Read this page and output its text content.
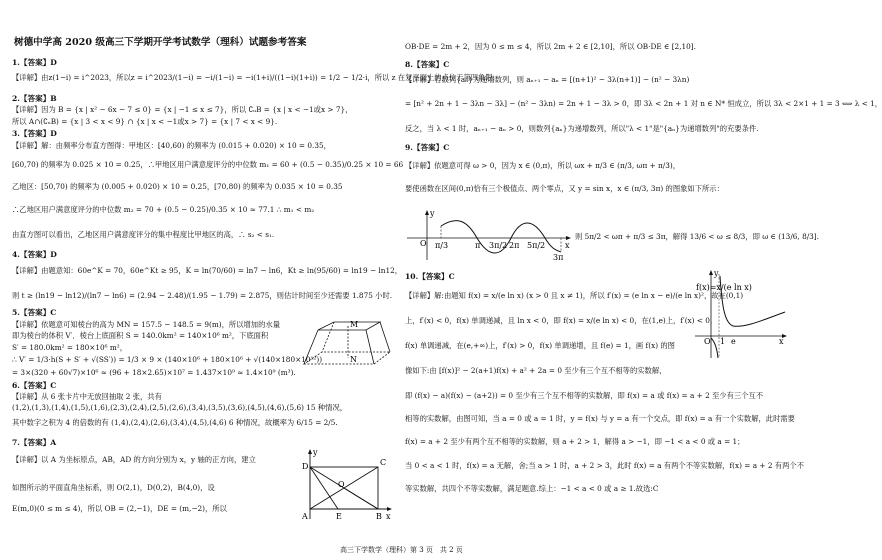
树德中学高 2020 级高三下学期开学考试数学（理科）试题参考答案
1.【答案】D
【详解】由z(1−i) = i^2023，所以z = i^2023/(1−i) = −i/(1−i) = −i(1+i)/((1−i)(1+i)) = 1/2 − 1/2·i，所以 z 在复平面上的点位于第四象限.
2.【答案】B
【详解】因为 B = {x | x² − 6x − 7 ≤ 0} = {x | −1 ≤ x ≤ 7}，所以 ∁ᵤB = {x | x < −1或x > 7}，
所以 A∩(∁ᵤB) = {x | 3 < x < 9} ∩ {x | x < −1或x > 7} = {x | 7 < x < 9}.
3.【答案】D
【详解】解：由频率分布直方图得：甲地区：[40,60) 的频率为 (0.015 + 0.020) × 10 = 0.35，
[60,70) 的频率为 0.025 × 10 = 0.25，∴甲地区用户满意度评分的中位数 m₁ = 60 + (0.5 − 0.35)/0.25 × 10 = 66
乙地区：[50,70) 的频率为 (0.005 + 0.020) × 10 = 0.25，[70,80) 的频率为 0.035 × 10 = 0.35
∴乙地区用户满意度评分的中位数 m₂ = 70 + (0.5 − 0.25)/0.35 × 10 ≈ 77.1 ∴ m₁ < m₂
由直方图可以看出，乙地区用户满意度评分的集中程度比甲地区的高，∴ s₂ < s₁.
4.【答案】D
【详解】由题意知：60e^K = 70，60e^Kt ≥ 95，K = ln(70/60) = ln7 − ln6，Kt ≥ ln(95/60) = ln19 − ln12，
则 t ≥ (ln19 − ln12)/(ln7 − ln6) = (2.94 − 2.48)/(1.95 − 1.79) = 2.875，则估计时间至少还需要 1.875 小时.
5.【答案】C
【详解】依题意可知棱台的高为 MN = 157.5 − 148.5 = 9(m)，所以增加的水量
即为棱台的体积 V′．棱台上底面积 S = 140.0km² = 140×10⁶ m²，下底面积
S′ = 180.0km² = 180×10⁶ m²，
∴ V′ = 1/3·h(S + S′ + √(SS′)) = 1/3 × 9 × (140×10⁶ + 180×10⁶ + √(140×180×10¹²))
= 3×(320 + 60√7)×10⁶ ≈ (96 + 18×2.65)×10⁷ = 1.437×10⁹ ≈ 1.4×10⁹ (m³).
6.【答案】C
【详解】从 6 张卡片中无放回抽取 2 张，共有
(1,2),(1,3),(1,4),(1,5),(1,6),(2,3),(2,4),(2,5),(2,6),(3,4),(3,5),(3,6),(4,5),(4,6),(5,6) 15 种情况，
其中数字之积为 4 的倍数的有 (1,4),(2,4),(2,6),(3,4),(4,5),(4,6) 6 种情况，故概率为 6/15 = 2/5.
7.【答案】A
【详解】以 A 为坐标原点，AB，AD 的方向分别为 x，y 轴的正方向，建立
如图所示的平面直角坐标系，则 O(2,1)，D(0,2)，B(4,0)，设
E(m,0)(0 ≤ m ≤ 4)，所以 OB = (2,−1)，DE = (m,−2)，所以
M
N
y
D	C
O
A	E	B x
OB·DE = 2m + 2，因为 0 ≤ m ≤ 4，所以 2m + 2 ∈ [2,10]，所以 OB·DE ∈ [2,10].
8.【答案】C
【详解】若数列{aₙ}为递增数列，则 aₙ₊₁ − aₙ = [(n+1)² − 3λ(n+1)] − (n² − 3λn)
= [n² + 2n + 1 − 3λn − 3λ] − (n² − 3λn) = 2n + 1 − 3λ > 0，即 3λ < 2n + 1 对 n ∈ N* 恒成立，所以 3λ < 2×1 + 1 = 3 ⟺ λ < 1，
反之，当 λ < 1 时，aₙ₊₁ − aₙ > 0，则数列{aₙ}为递增数列，所以"λ < 1"是"{aₙ}为递增数列"的充要条件.
9.【答案】C
【详解】依题意可得 ω > 0，因为 x ∈ (0,π)，所以 ωx + π/3 ∈ (π/3, ωπ + π/3)，
要使函数在区间(0,π)恰有三个极值点、两个零点，又 y = sin x，x ∈ (π/3, 3π) 的图象如下所示：
则 5π/2 < ωπ + π/3 ≤ 3π，解得 13/6 < ω ≤ 8/3，即 ω ∈ (13/6, 8/3].
10.【答案】C
【详解】解:由题知 f(x) = x/(e ln x) (x > 0 且 x ≠ 1)，所以 f′(x) = (e ln x − e)/(e ln x)²，故在(0,1)
上，f′(x) < 0，f(x) 单调递减，且 ln x < 0，即 f(x) = x/(e ln x) < 0，在(1,e)上，f′(x) < 0，
f(x) 单调递减，在(e,+∞)上，f′(x) > 0，f(x) 单调递增，且 f(e) = 1，画 f(x) 的图
像如下:由 [f(x)]² − 2(a+1)f(x) + a² + 2a = 0 至少有三个互不相等的实数解，
即 (f(x) − a)(f(x) − (a+2)) = 0 至少有三个互不相等的实数解，即 f(x) = a 或 f(x) = a + 2 至少有三个互不
相等的实数解，由图可知，当 a = 0 或 a = 1 时，y = f(x) 与 y = a 有一个交点，即 f(x) = a 有一个实数解，此时需要
f(x) = a + 2 至少有两个互不相等的实数解，则 a + 2 > 1，解得 a > −1，即 −1 < a < 0 或 a = 1；
当 0 < a < 1 时，f(x) = a 无解，舍;当 a > 1 时，a + 2 > 3，此时 f(x) = a 有两个不等实数解，f(x) = a + 2 有两个不
等实数解，共四个不等实数解，满足题意.综上：−1 < a < 0 或 a ≥ 1.故选:C
y
x
O π/3	π 3π/2 2π 5π/2
3π
f(x)=x/(e ln x)
y
O 1 e	x
高三下学数学（理科）第 3 页　共 2 页
